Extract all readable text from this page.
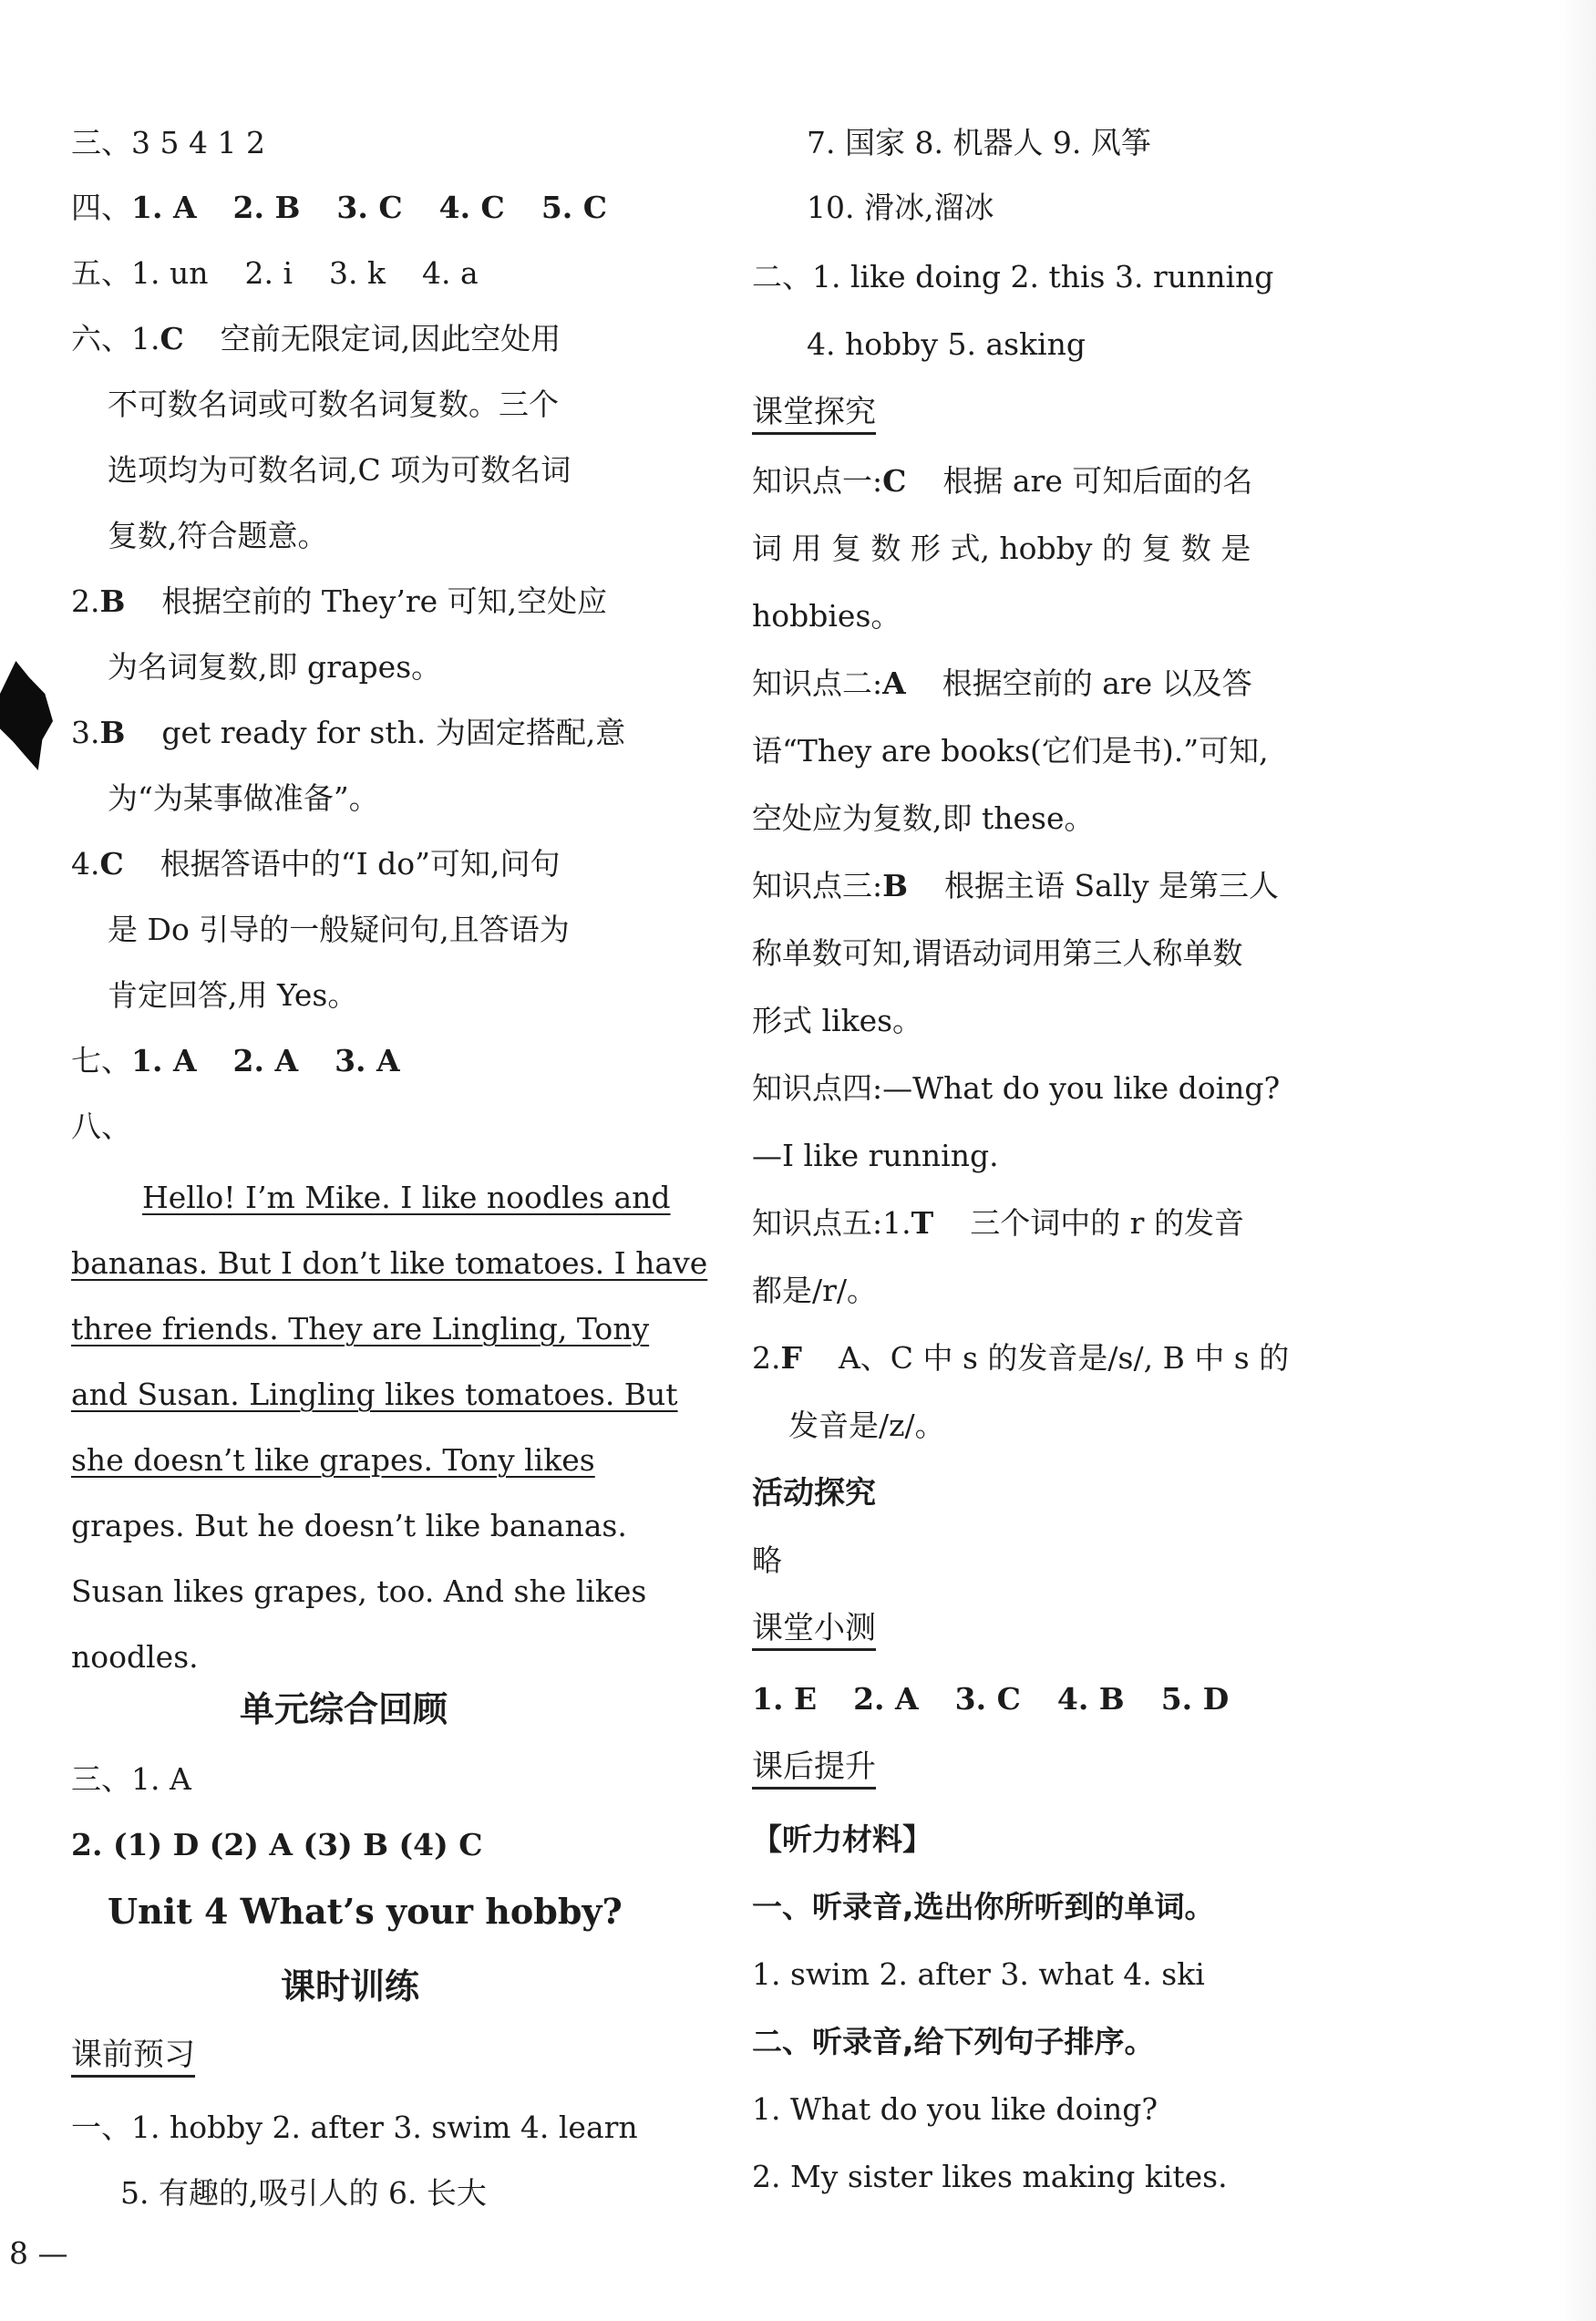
三、3 5 4 1 2
四、1. A 2. B 3. C 4. C 5. C
五、1. un 2. i 3. k 4. a
六、1.C 空前无限定词,因此空处用
不可数名词或可数名词复数。三个
选项均为可数名词,C 项为可数名词
复数,符合题意。
2.B 根据空前的 They’re 可知,空处应
为名词复数,即 grapes。
3.B get ready for sth. 为固定搭配,意
为“为某事做准备”。
4.C 根据答语中的“I do”可知,问句
是 Do 引导的一般疑问句,且答语为
肯定回答,用 Yes。
七、1. A 2. A 3. A
八、
Hello! I’m Mike. I like noodles and
bananas. But I don’t like tomatoes. I have
three friends. They are Lingling, Tony
and Susan. Lingling likes tomatoes. But
she doesn’t like grapes. Tony likes
grapes. But he doesn’t like bananas.
Susan likes grapes, too. And she likes
noodles.
单元综合回顾
三、1. A
2. (1) D (2) A (3) B (4) C
Unit 4 What’s your hobby?
课时训练
课前预习
一、1. hobby 2. after 3. swim 4. learn
5. 有趣的,吸引人的 6. 长大
7. 国家 8. 机器人 9. 风筝
10. 滑冰,溜冰
二、1. like doing 2. this 3. running
4. hobby 5. asking
课堂探究
知识点一:C 根据 are 可知后面的名
词 用 复 数 形 式, hobby 的 复 数 是
hobbies。
知识点二:A 根据空前的 are 以及答
语“They are books(它们是书).”可知,
空处应为复数,即 these。
知识点三:B 根据主语 Sally 是第三人
称单数可知,谓语动词用第三人称单数
形式 likes。
知识点四:—What do you like doing?
—I like running.
知识点五:1.T 三个词中的 r 的发音
都是/r/。
2.F A、C 中 s 的发音是/s/, B 中 s 的
发音是/z/。
活动探究
略
课堂小测
1. E 2. A 3. C 4. B 5. D
课后提升
【听力材料】
一、听录音,选出你所听到的单词。
1. swim 2. after 3. what 4. ski
二、听录音,给下列句子排序。
1. What do you like doing?
2. My sister likes making kites.
8 —
